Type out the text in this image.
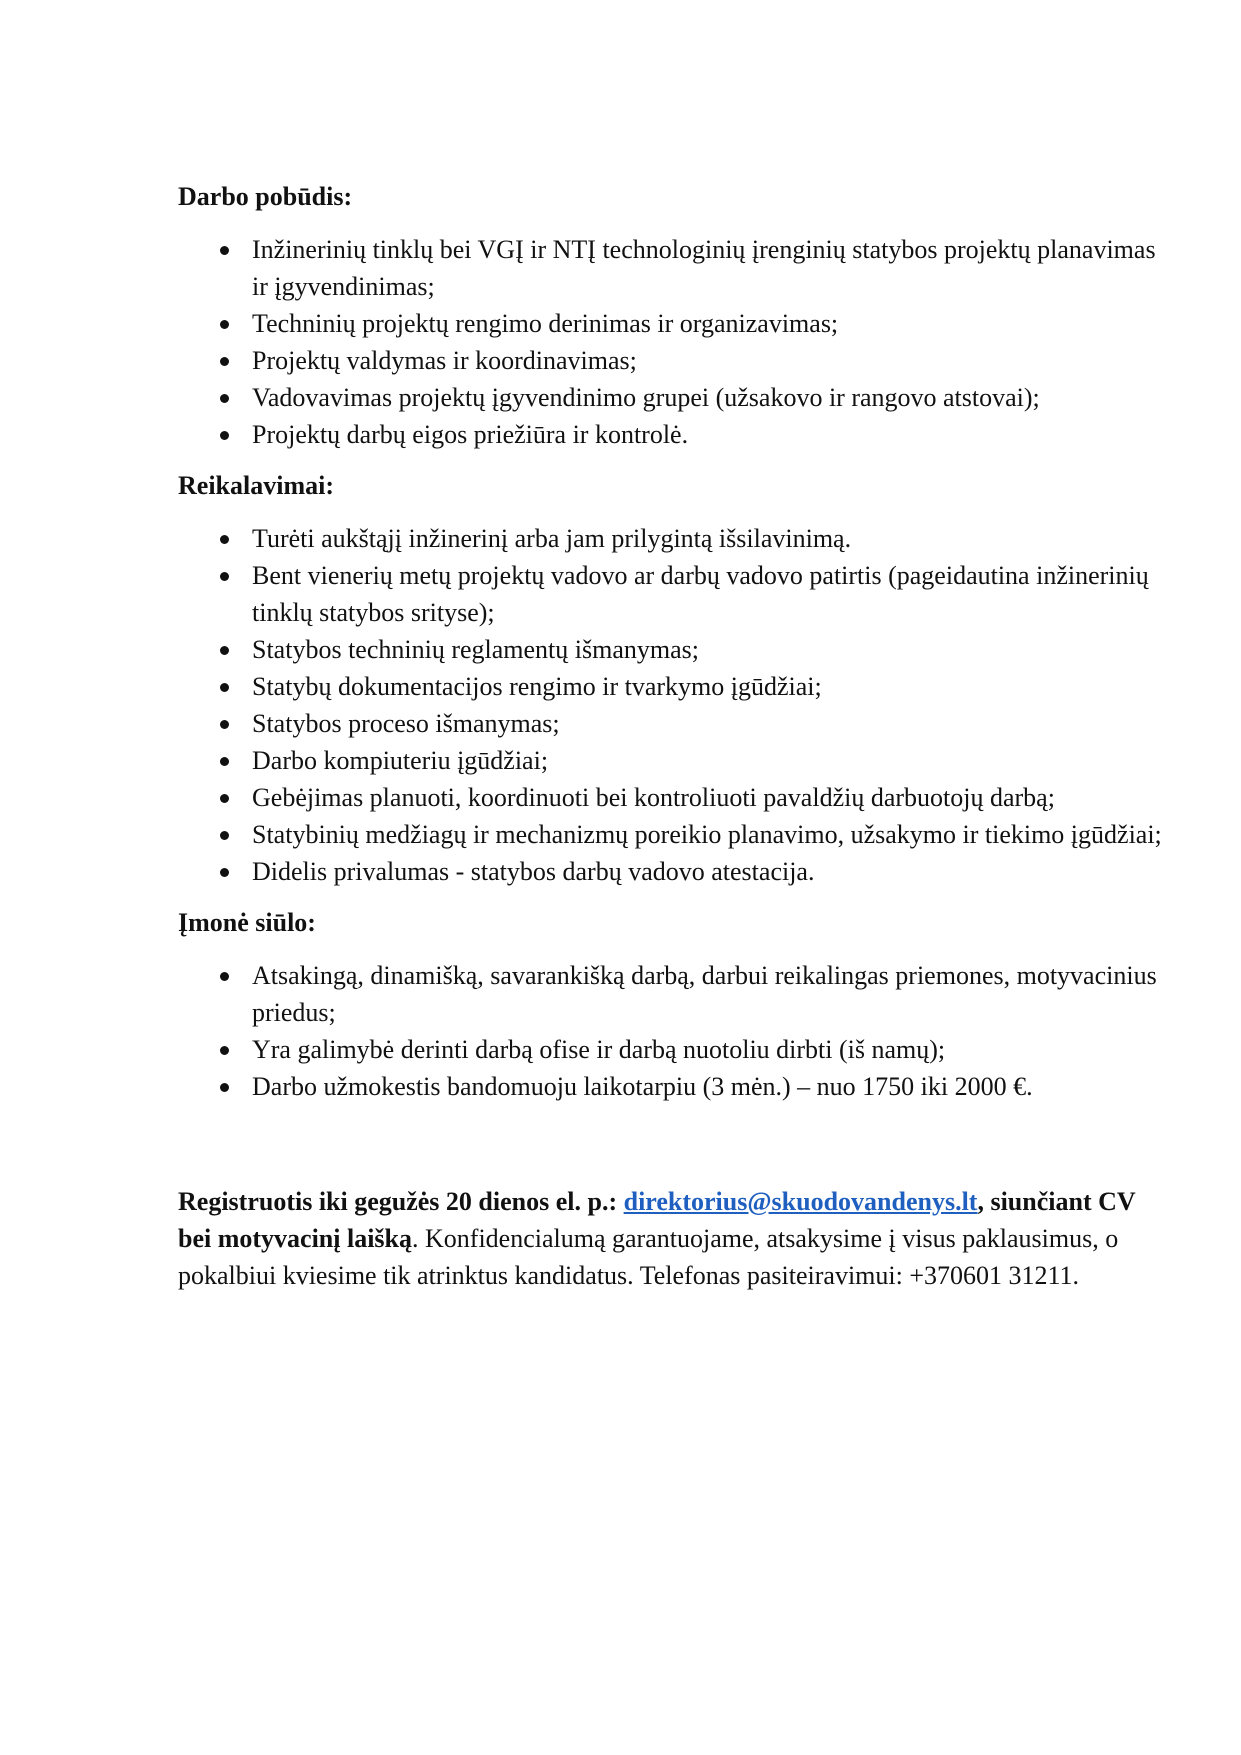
Darbo pobūdis:
Inžinerinių tinklų bei VGĮ ir NTĮ technologinių įrenginių statybos projektų planavimas ir įgyvendinimas;
Techninių projektų rengimo derinimas ir organizavimas;
Projektų valdymas ir koordinavimas;
Vadovavimas projektų įgyvendinimo grupei (užsakovo ir rangovo atstovai);
Projektų darbų eigos priežiūra ir kontrolė.
Reikalavimai:
Turėti aukštąjį inžinerinį arba jam prilygintą išsilavinimą.
Bent vienerių metų projektų vadovo ar darbų vadovo patirtis (pageidautina inžinerinių tinklų statybos srityse);
Statybos techninių reglamentų išmanymas;
Statybų dokumentacijos rengimo ir tvarkymo įgūdžiai;
Statybos proceso išmanymas;
Darbo kompiuteriu įgūdžiai;
Gebėjimas planuoti, koordinuoti bei kontroliuoti pavaldžių darbuotojų darbą;
Statybinių medžiagų ir mechanizmų poreikio planavimo, užsakymo ir tiekimo įgūdžiai;
Didelis privalumas - statybos darbų vadovo atestacija.
Įmonė siūlo:
Atsakingą, dinamišką, savarankišką darbą, darbui reikalingas priemones, motyvacinius priedus;
Yra galimybė derinti darbą ofise ir darbą nuotoliu dirbti (iš namų);
Darbo užmokestis bandomuoju laikotarpiu (3 mėn.) – nuo 1750 iki 2000 €.

Registruotis iki gegužės 20 dienos el. p.: direktorius@skuodovandenys.lt, siunčiant CV bei motyvacinį laišką. Konfidencialumą garantuojame, atsakysime į visus paklausimus, o pokalbiui kviesime tik atrinktus kandidatus. Telefonas pasiteiravimui: +370601 31211.
